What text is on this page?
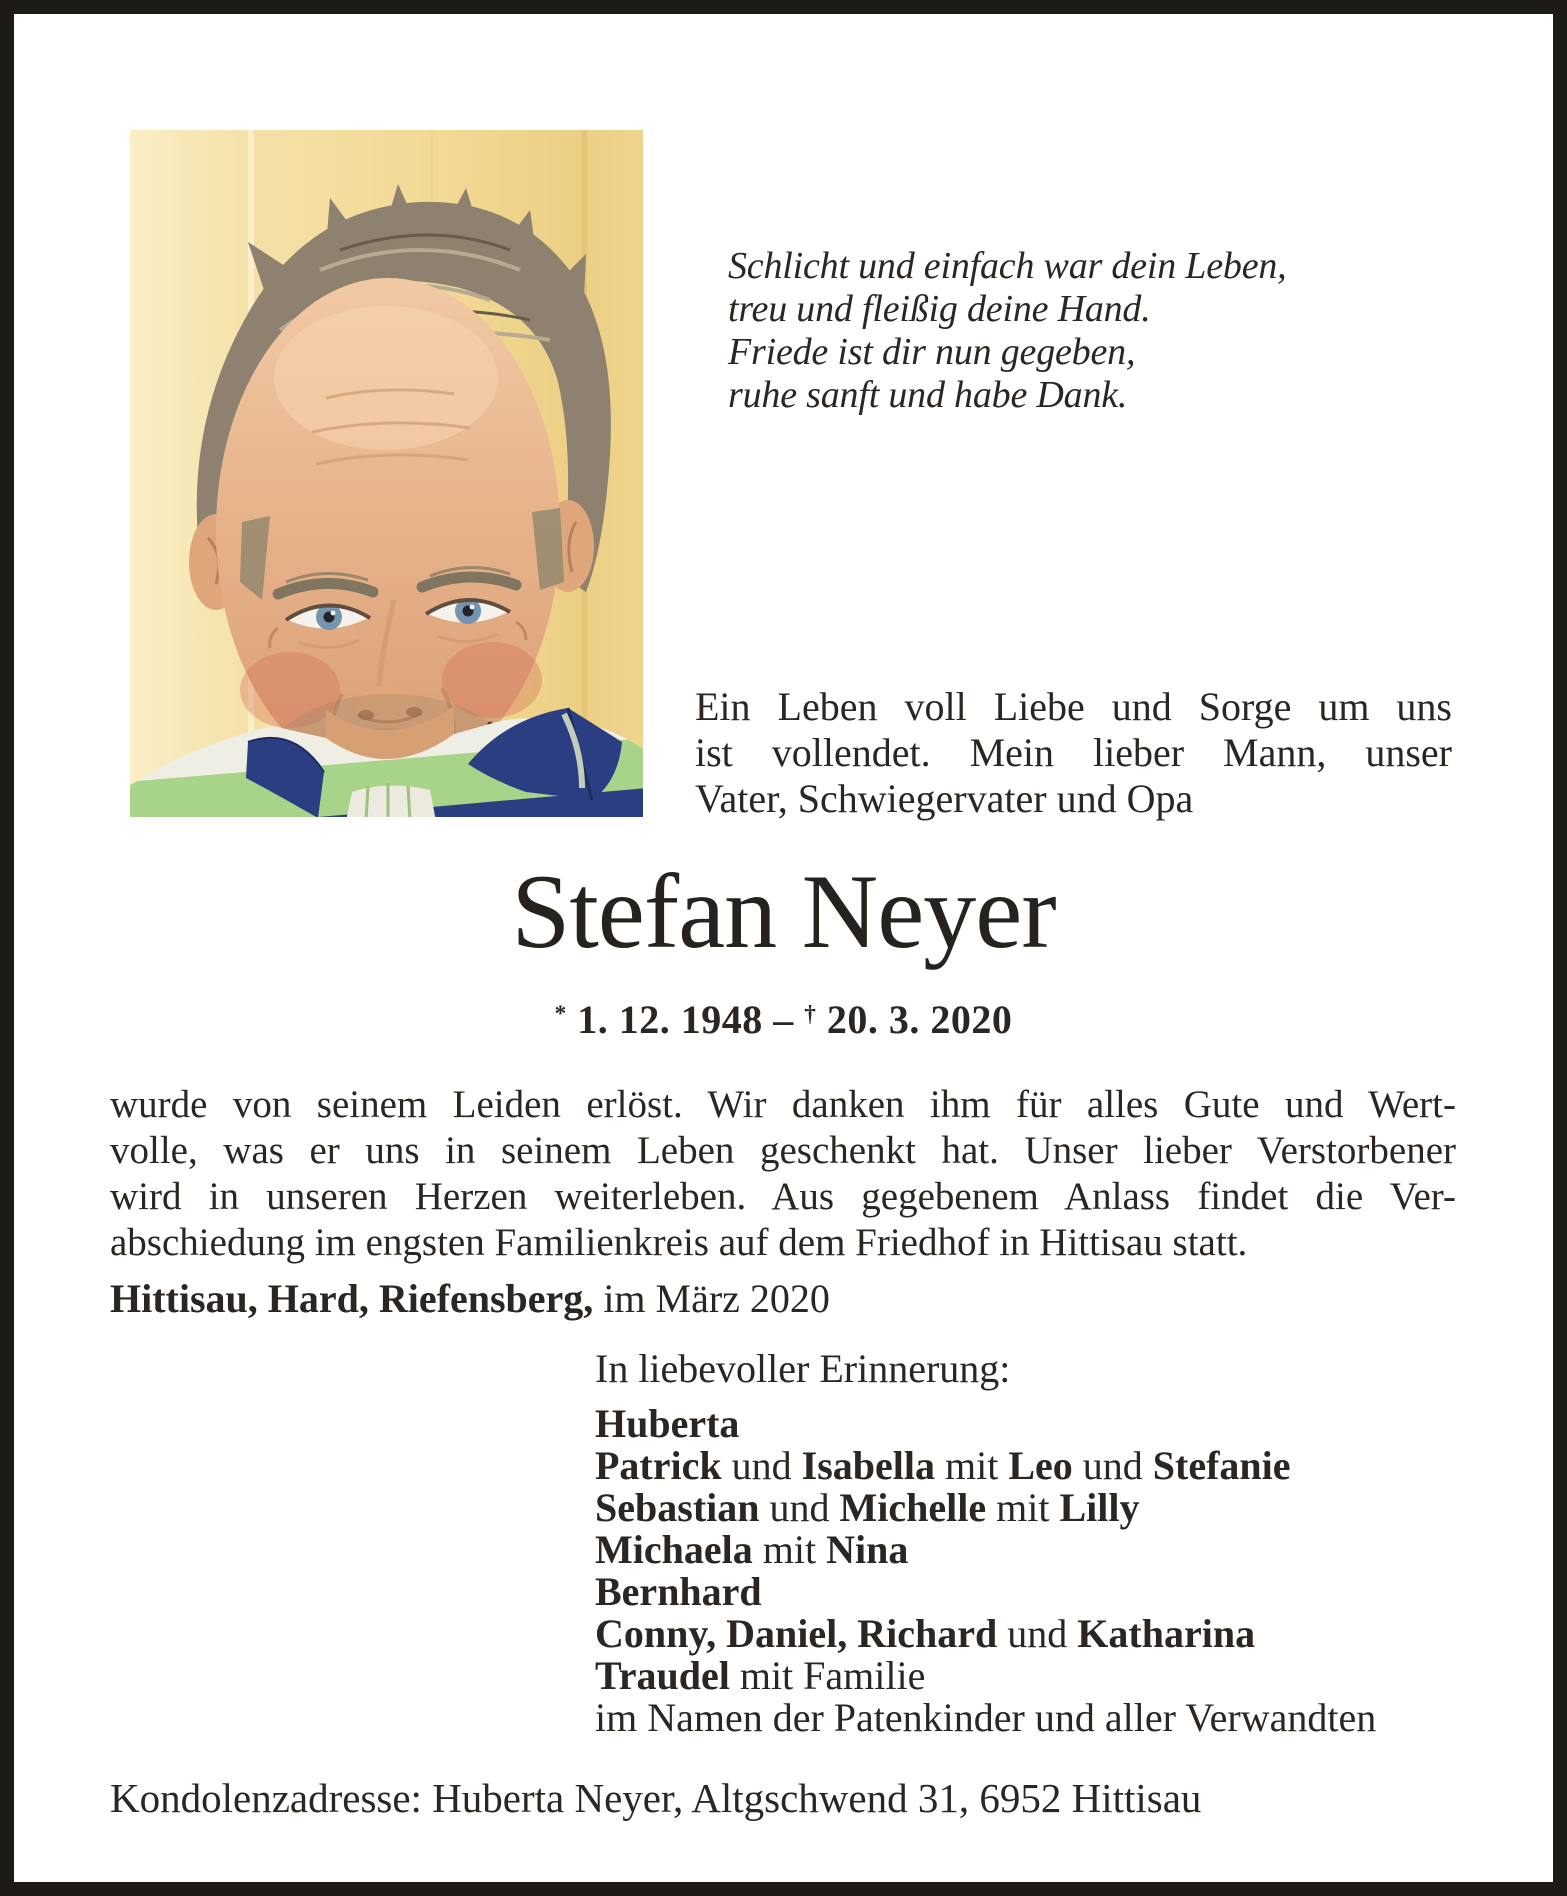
Schlicht und einfach war dein Leben,
treu und fleißig deine Hand.
Friede ist dir nun gegeben,
ruhe sanft und habe Dank.
Ein Leben voll Liebe und Sorge um uns
ist vollendet. Mein lieber Mann, unser
Vater, Schwiegervater und Opa
Stefan Neyer
* 1. 12. 1948 – † 20. 3. 2020
wurde von seinem Leiden erlöst. Wir danken ihm für alles Gute und Wert-
volle, was er uns in seinem Leben geschenkt hat. Unser lieber Verstorbener
wird in unseren Herzen weiterleben. Aus gegebenem Anlass findet die Ver-
abschiedung im engsten Familienkreis auf dem Friedhof in Hittisau statt.
Hittisau, Hard, Riefensberg, im März 2020
In liebevoller Erinnerung:
Huberta
Patrick und Isabella mit Leo und Stefanie
Sebastian und Michelle mit Lilly
Michaela mit Nina
Bernhard
Conny, Daniel, Richard und Katharina
Traudel mit Familie
im Namen der Patenkinder und aller Verwandten
Kondolenzadresse: Huberta Neyer, Altgschwend 31, 6952 Hittisau
